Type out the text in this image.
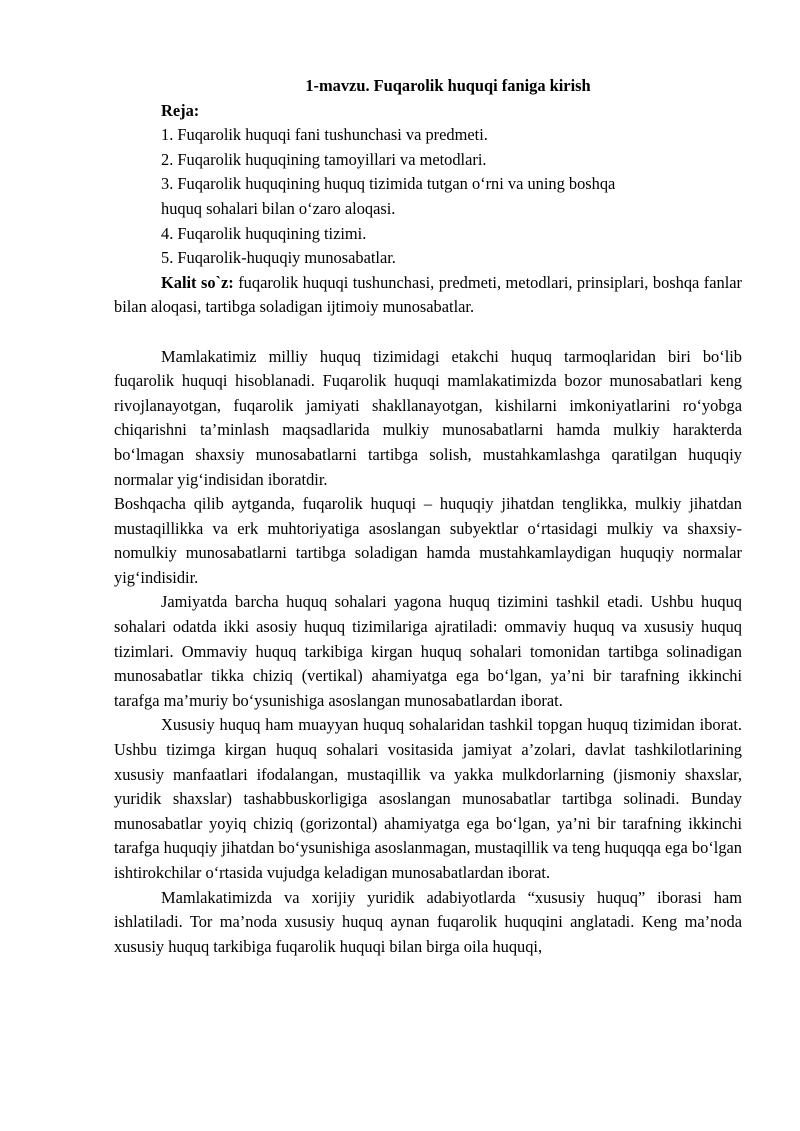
1-mavzu. Fuqarolik huquqi faniga kirish

Reja:

1. Fuqarolik huquqi fani tushunchasi va predmeti.

2. Fuqarolik huquqining tamoyillari va metodlari.

3. Fuqarolik huquqining huquq tizimida tutgan o‘rni va uning boshqa

huquq sohalari bilan o‘zaro aloqasi.

4. Fuqarolik huquqining tizimi.

5. Fuqarolik-huquqiy munosabatlar.

Kalit so`z: fuqarolik huquqi tushunchasi, predmeti, metodlari, prinsiplari, boshqa fanlar bilan aloqasi, tartibga soladigan ijtimoiy munosabatlar.

Mamlakatimiz milliy huquq tizimidagi etakchi huquq tarmoqlaridan biri bo‘lib fuqarolik huquqi hisoblanadi. Fuqarolik huquqi mamlakatimizda bozor munosabatlari keng rivojlanayotgan, fuqarolik jamiyati shakllanayotgan, kishilarni imkoniyatlarini ro‘yobga chiqarishni ta’minlash maqsadlarida mulkiy munosabatlarni hamda mulkiy harakterda bo‘lmagan shaxsiy munosabatlarni tartibga solish, mustahkamlashga qaratilgan huquqiy normalar yig‘indisidan iboratdir.

Boshqacha qilib aytganda, fuqarolik huquqi – huquqiy jihatdan tenglikka, mulkiy jihatdan mustaqillikka va erk muhtoriyatiga asoslangan subyektlar o‘rtasidagi mulkiy va shaxsiy-nomulkiy munosabatlarni tartibga soladigan hamda mustahkamlaydigan huquqiy normalar yig‘indisidir.

Jamiyatda barcha huquq sohalari yagona huquq tizimini tashkil etadi. Ushbu huquq sohalari odatda ikki asosiy huquq tizimilariga ajratiladi: ommaviy huquq va xususiy huquq tizimlari. Ommaviy huquq tarkibiga kirgan huquq sohalari tomonidan tartibga solinadigan munosabatlar tikka chiziq (vertikal) ahamiyatga ega bo‘lgan, ya’ni bir tarafning ikkinchi tarafga ma’muriy bo‘ysunishiga asoslangan munosabatlardan iborat.

Xususiy huquq ham muayyan huquq sohalaridan tashkil topgan huquq tizimidan iborat. Ushbu tizimga kirgan huquq sohalari vositasida jamiyat a’zolari, davlat tashkilotlarining xususiy manfaatlari ifodalangan, mustaqillik va yakka mulkdorlarning (jismoniy shaxslar, yuridik shaxslar) tashabbuskorligiga asoslangan munosabatlar tartibga solinadi. Bunday munosabatlar yoyiq chiziq (gorizontal) ahamiyatga ega bo‘lgan, ya’ni bir tarafning ikkinchi tarafga huquqiy jihatdan bo‘ysunishiga asoslanmagan, mustaqillik va teng huquqqa ega bo‘lgan ishtirokchilar o‘rtasida vujudga keladigan munosabatlardan iborat.

Mamlakatimizda va xorijiy yuridik adabiyotlarda “xususiy huquq” iborasi ham ishlatiladi. Tor ma’noda xususiy huquq aynan fuqarolik huquqini anglatadi. Keng ma’noda xususiy huquq tarkibiga fuqarolik huquqi bilan birga oila huquqi,
